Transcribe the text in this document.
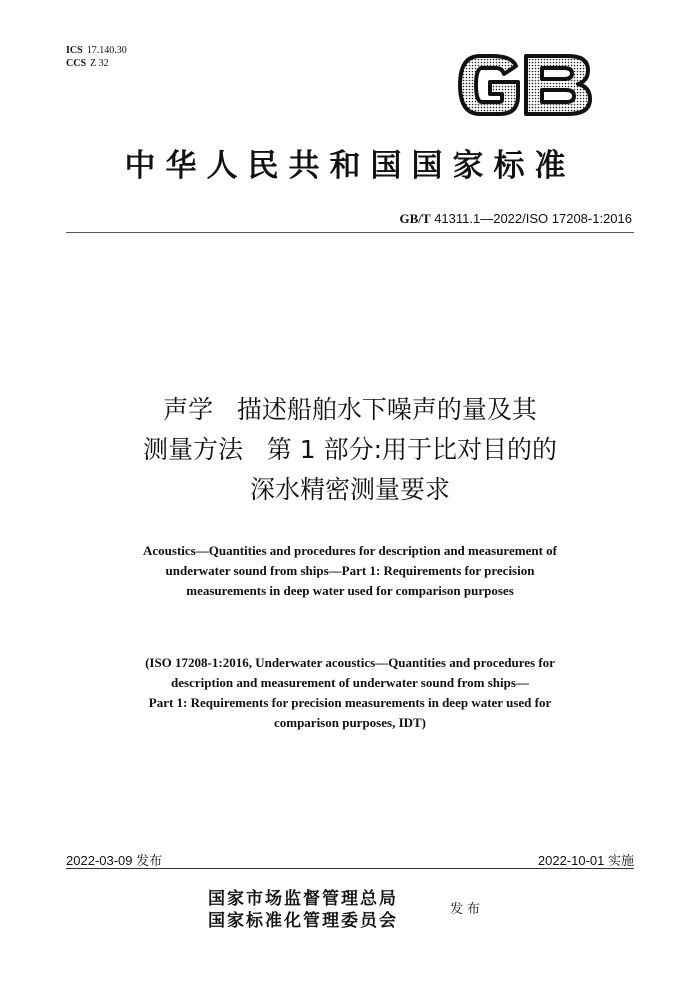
ICS 17.140.30
CCS Z 32
中华人民共和国国家标准
GB/T 41311.1—2022/ISO 17208-1:2016
声学   描述船舶水下噪声的量及其
测量方法   第 1 部分:用于比对目的的
深水精密测量要求
Acoustics—Quantities and procedures for description and measurement of
underwater sound from ships—Part 1: Requirements for precision
measurements in deep water used for comparison purposes
(ISO 17208-1:2016, Underwater acoustics—Quantities and procedures for
description and measurement of underwater sound from ships—
Part 1: Requirements for precision measurements in deep water used for
comparison purposes, IDT)
2022-03-09 发布	2022-10-01 实施
国家市场监督管理总局
国家标准化管理委员会
发布
